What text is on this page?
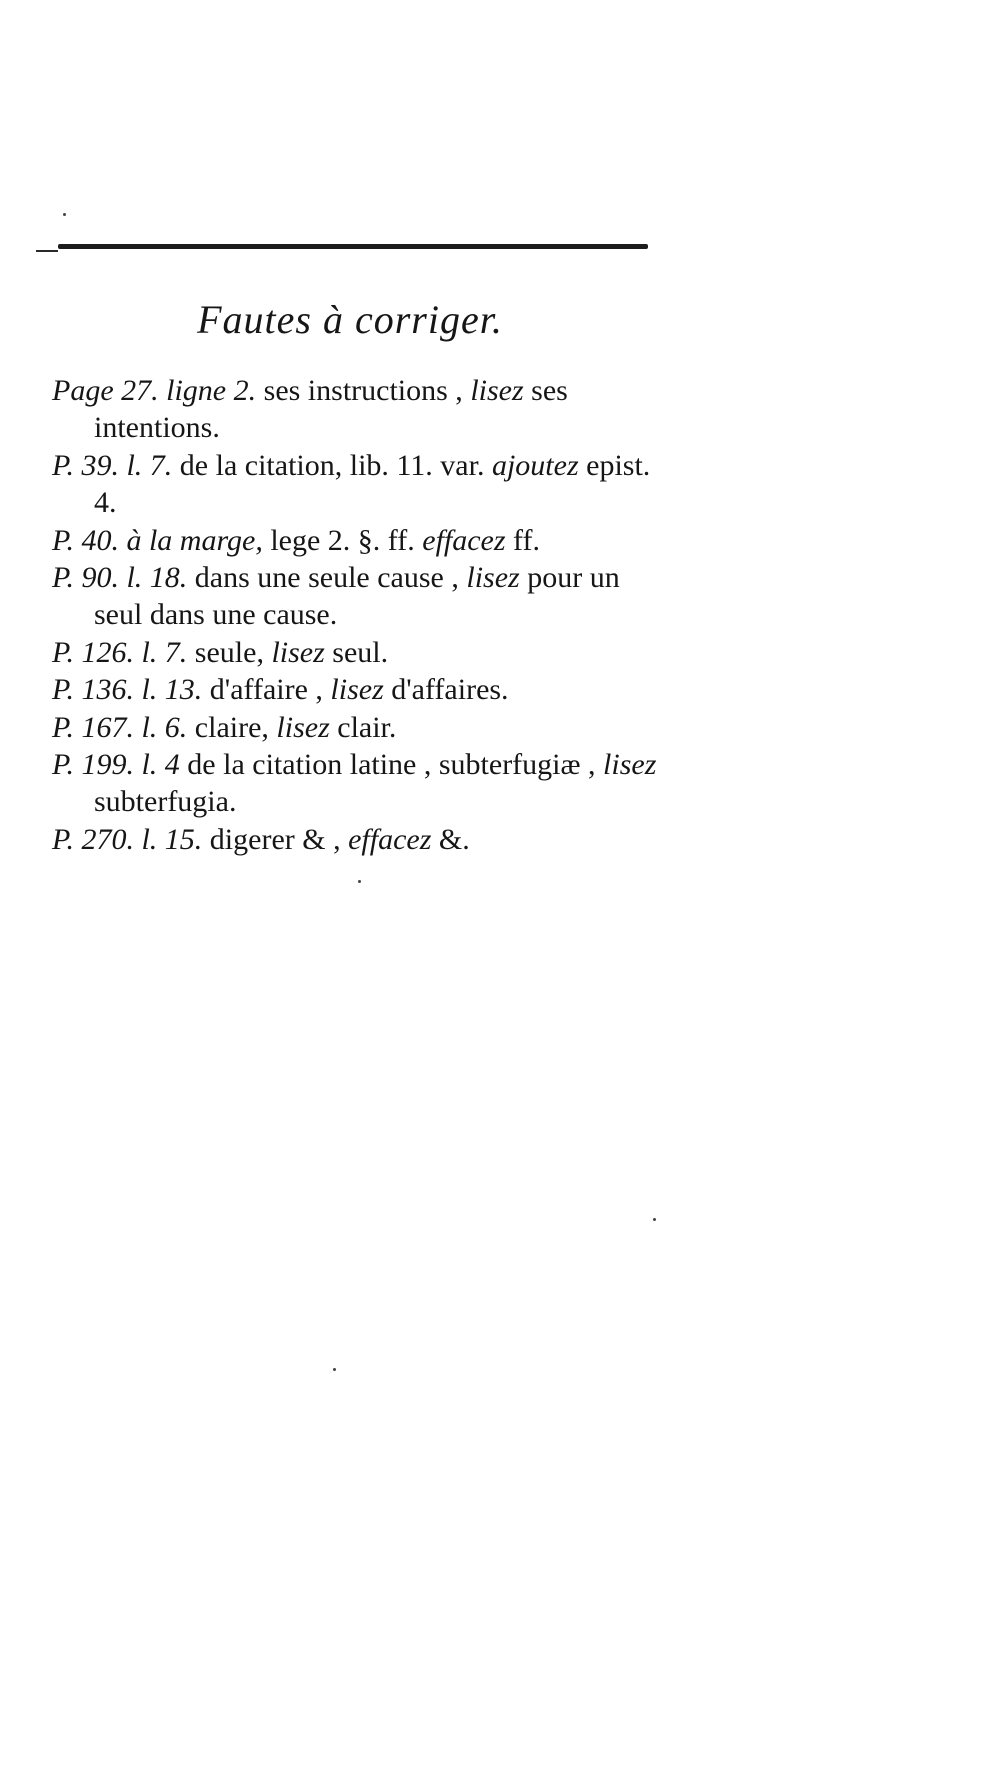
Fautes à corriger.
Page 27. ligne 2. ses instructions , lisez ses intentions.
P. 39. l. 7. de la citation, lib. 11. var. ajoutez epist. 4.
P. 40. à la marge, lege 2. §. ff. effacez ff.
P. 90. l. 18. dans une seule cause , lisez pour un seul dans une cause.
P. 126. l. 7. seule, lisez seul.
P. 136. l. 13. d'affaire , lisez d'affaires.
P. 167. l. 6. claire, lisez clair.
P. 199. l. 4 de la citation latine , subterfugiæ , lisez subterfugia.
P. 270. l. 15. digerer & , effacez &.
